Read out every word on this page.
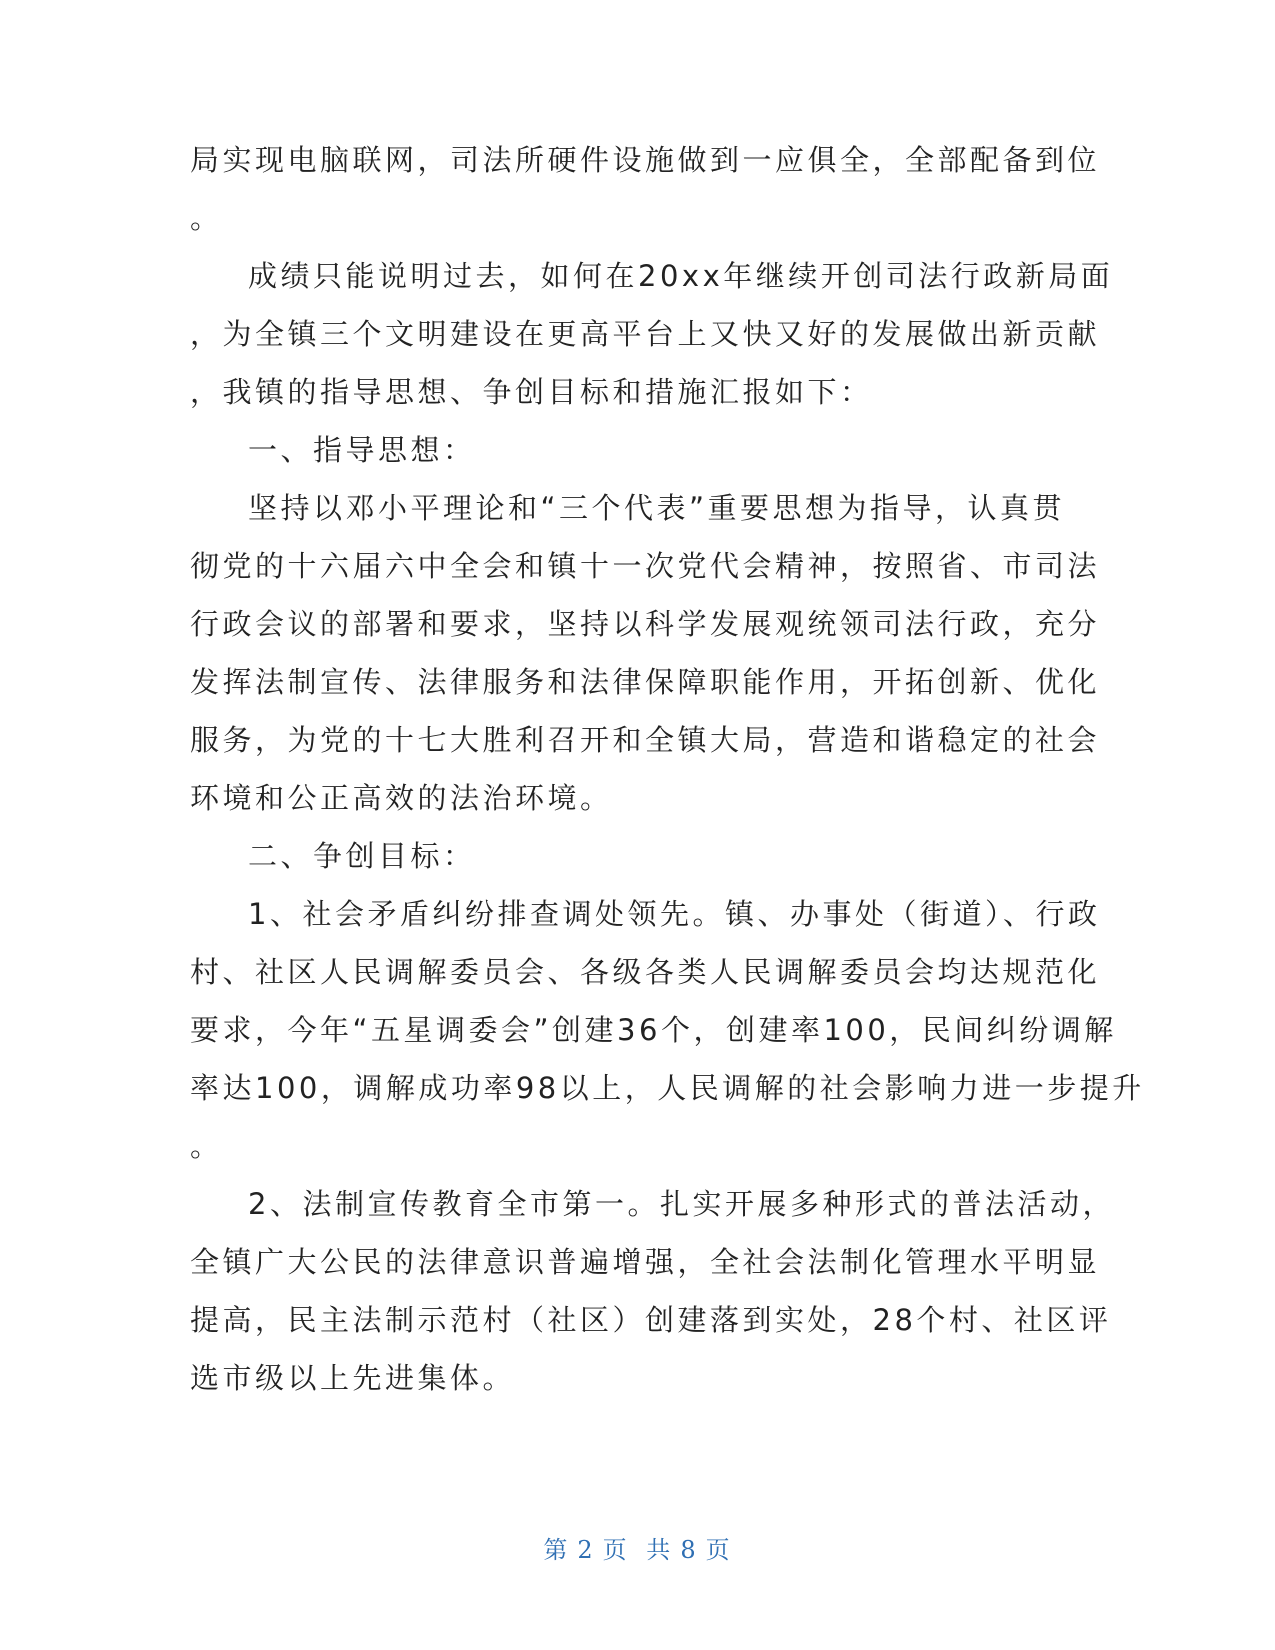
局实现电脑联网，司法所硬件设施做到一应俱全，全部配备到位
。
成绩只能说明过去，如何在20xx年继续开创司法行政新局面
，为全镇三个文明建设在更高平台上又快又好的发展做出新贡献
，我镇的指导思想、争创目标和措施汇报如下：
一、指导思想：
坚持以邓小平理论和“三个代表”重要思想为指导，认真贯
彻党的十六届六中全会和镇十一次党代会精神，按照省、市司法
行政会议的部署和要求，坚持以科学发展观统领司法行政，充分
发挥法制宣传、法律服务和法律保障职能作用，开拓创新、优化
服务，为党的十七大胜利召开和全镇大局，营造和谐稳定的社会
环境和公正高效的法治环境。
二、争创目标：
1、社会矛盾纠纷排查调处领先。镇、办事处（街道）、行政
村、社区人民调解委员会、各级各类人民调解委员会均达规范化
要求，今年“五星调委会”创建36个，创建率100，民间纠纷调解
率达100，调解成功率98以上，人民调解的社会影响力进一步提升
。
2、法制宣传教育全市第一。扎实开展多种形式的普法活动，
全镇广大公民的法律意识普遍增强，全社会法制化管理水平明显
提高，民主法制示范村（社区）创建落到实处，28个村、社区评
选市级以上先进集体。
第 2 页 共 8 页
